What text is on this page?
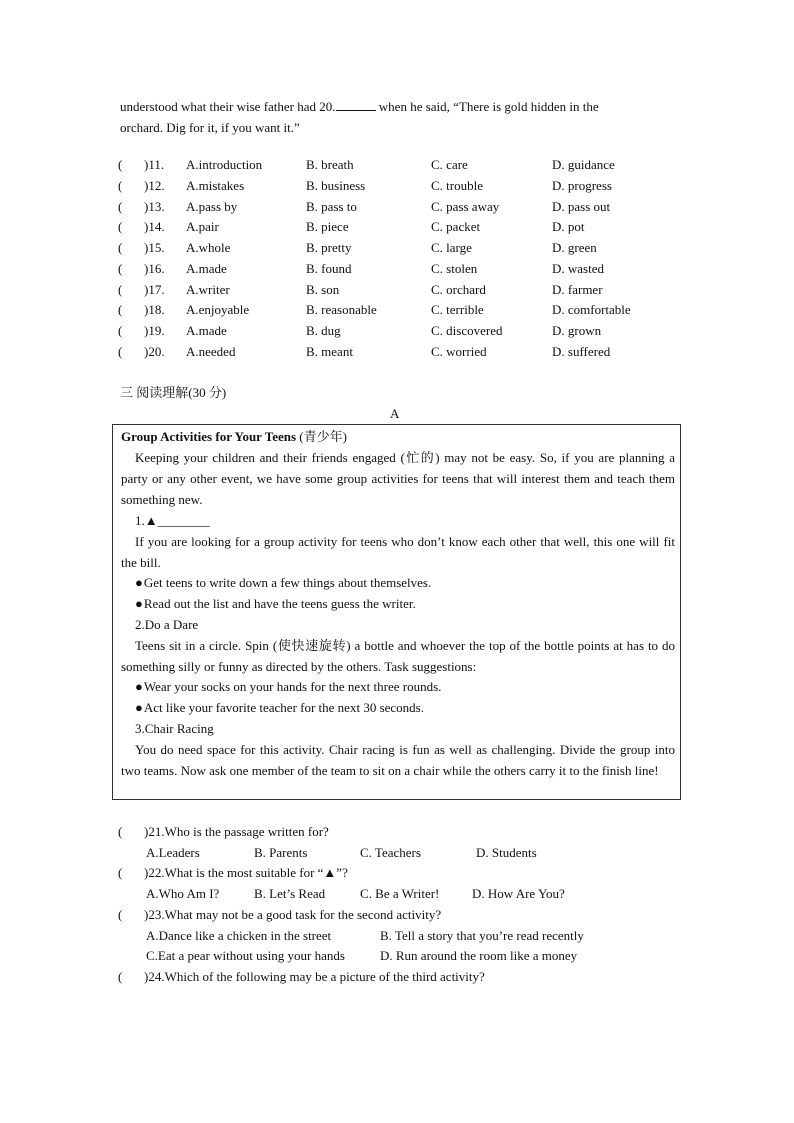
understood what their wise father had 20.	when he said, “There is gold hidden in the
orchard. Dig for it, if you want it.”
( )11. A.introduction	B. breath	C. care	D. guidance
( )12. A.mistakes	B. business	C. trouble	D. progress
( )13. A.pass by	B. pass to	C. pass away	D. pass out
( )14. A.pair	B. piece	C. packet	D. pot
( )15. A.whole	B. pretty	C. large	D. green
( )16. A.made	B. found	C. stolen	D. wasted
( )17. A.writer	B. son	C. orchard	D. farmer
( )18. A.enjoyable	B. reasonable	C. terrible	D. comfortable
( )19. A.made	B. dug	C. discovered	D. grown
( )20. A.needed	B. meant	C. worried	D. suffered
三 阅读理解(30 分)
A
Group Activities for Your Teens (青少年)

Keeping your children and their friends engaged (忙的) may not be easy. So, if you are planning a party or any other event, we have some group activities for teens that will interest them and teach them something new.

1.▲________

If you are looking for a group activity for teens who don’t know each other that well, this one will fit the bill.

● Get teens to write down a few things about themselves.

● Read out the list and have the teens guess the writer.

2.Do a Dare

Teens sit in a circle. Spin (使快速旋转) a bottle and whoever the top of the bottle points at has to do something silly or funny as directed by the others. Task suggestions:

● Wear your socks on your hands for the next three rounds.

● Act like your favorite teacher for the next 30 seconds.

3.Chair Racing

You do need space for this activity. Chair racing is fun as well as challenging. Divide the group into two teams. Now ask one member of the team to sit on a chair while the others carry it to the finish line!

( )21.Who is the passage written for?
A.Leaders	B. Parents	C. Teachers	D. Students
( )22.What is the most suitable for “▲”?
A.Who Am I?	B. Let’s Read	C. Be a Writer!	D. How Are You?
( )23.What may not be a good task for the second activity?
A.Dance like a chicken in the street	B. Tell a story that you’re read recently
C.Eat a pear without using your hands	D. Run around the room like a money
( )24.Which of the following may be a picture of the third activity?
